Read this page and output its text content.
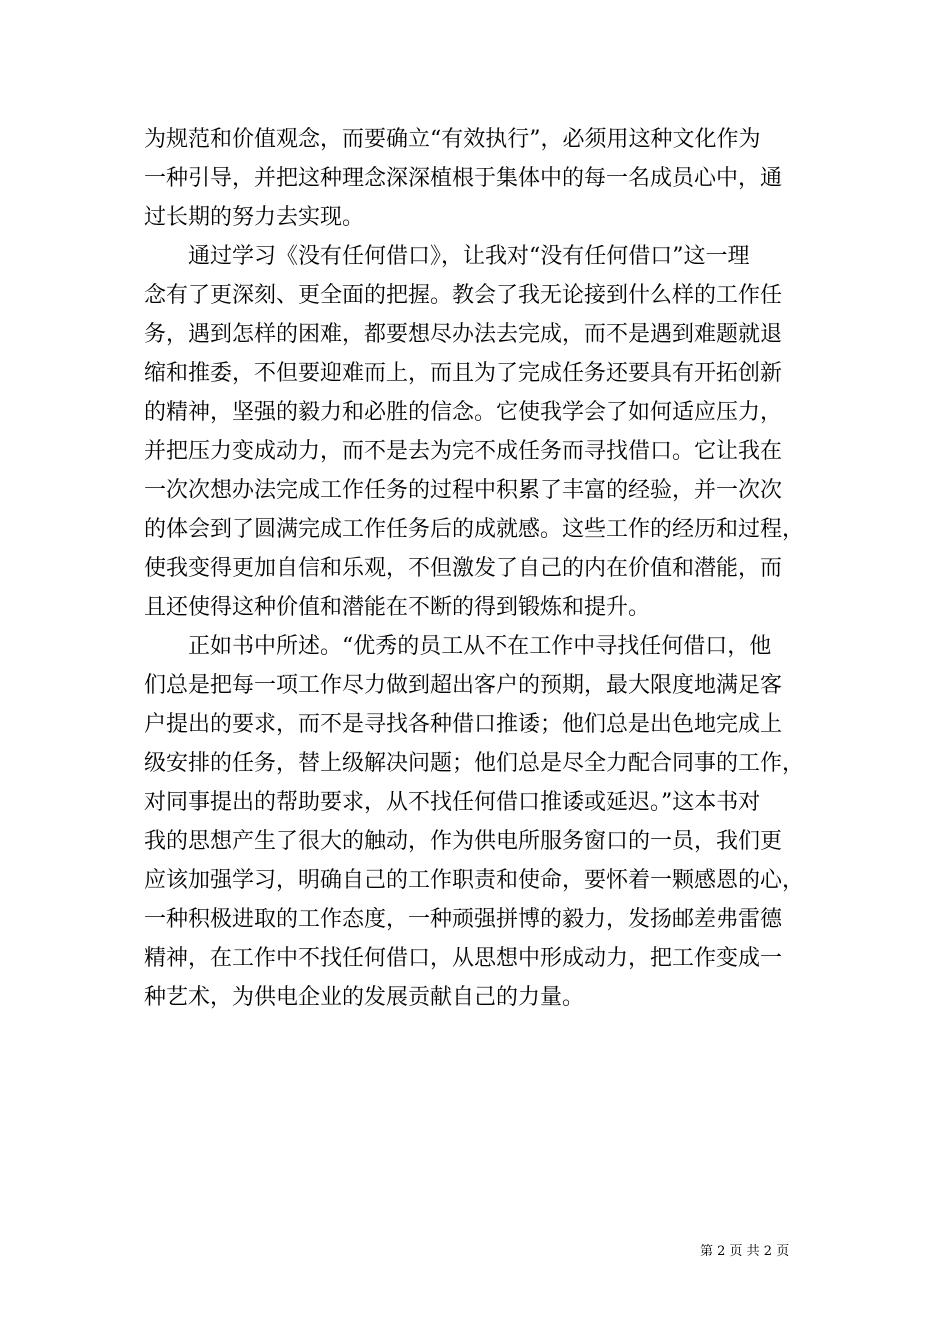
为规范和价值观念，而要确立“有效执行”，必须用这种文化作为
一种引导，并把这种理念深深植根于集体中的每一名成员心中，通
过长期的努力去实现。
　　通过学习《没有任何借口》，让我对“没有任何借口”这一理
念有了更深刻、更全面的把握。教会了我无论接到什么样的工作任
务，遇到怎样的困难，都要想尽办法去完成，而不是遇到难题就退
缩和推委，不但要迎难而上，而且为了完成任务还要具有开拓创新
的精神，坚强的毅力和必胜的信念。它使我学会了如何适应压力，
并把压力变成动力，而不是去为完不成任务而寻找借口。它让我在
一次次想办法完成工作任务的过程中积累了丰富的经验，并一次次
的体会到了圆满完成工作任务后的成就感。这些工作的经历和过程，
使我变得更加自信和乐观，不但激发了自己的内在价值和潜能，而
且还使得这种价值和潜能在不断的得到锻炼和提升。
　　正如书中所述。“优秀的员工从不在工作中寻找任何借口，他
们总是把每一项工作尽力做到超出客户的预期，最大限度地满足客
户提出的要求，而不是寻找各种借口推诿；他们总是出色地完成上
级安排的任务，替上级解决问题；他们总是尽全力配合同事的工作，
对同事提出的帮助要求，从不找任何借口推诿或延迟。”这本书对
我的思想产生了很大的触动，作为供电所服务窗口的一员，我们更
应该加强学习，明确自己的工作职责和使命，要怀着一颗感恩的心，
一种积极进取的工作态度，一种顽强拼博的毅力，发扬邮差弗雷德
精神，在工作中不找任何借口，从思想中形成动力，把工作变成一
种艺术，为供电企业的发展贡献自己的力量。
第 2 页 共 2 页
